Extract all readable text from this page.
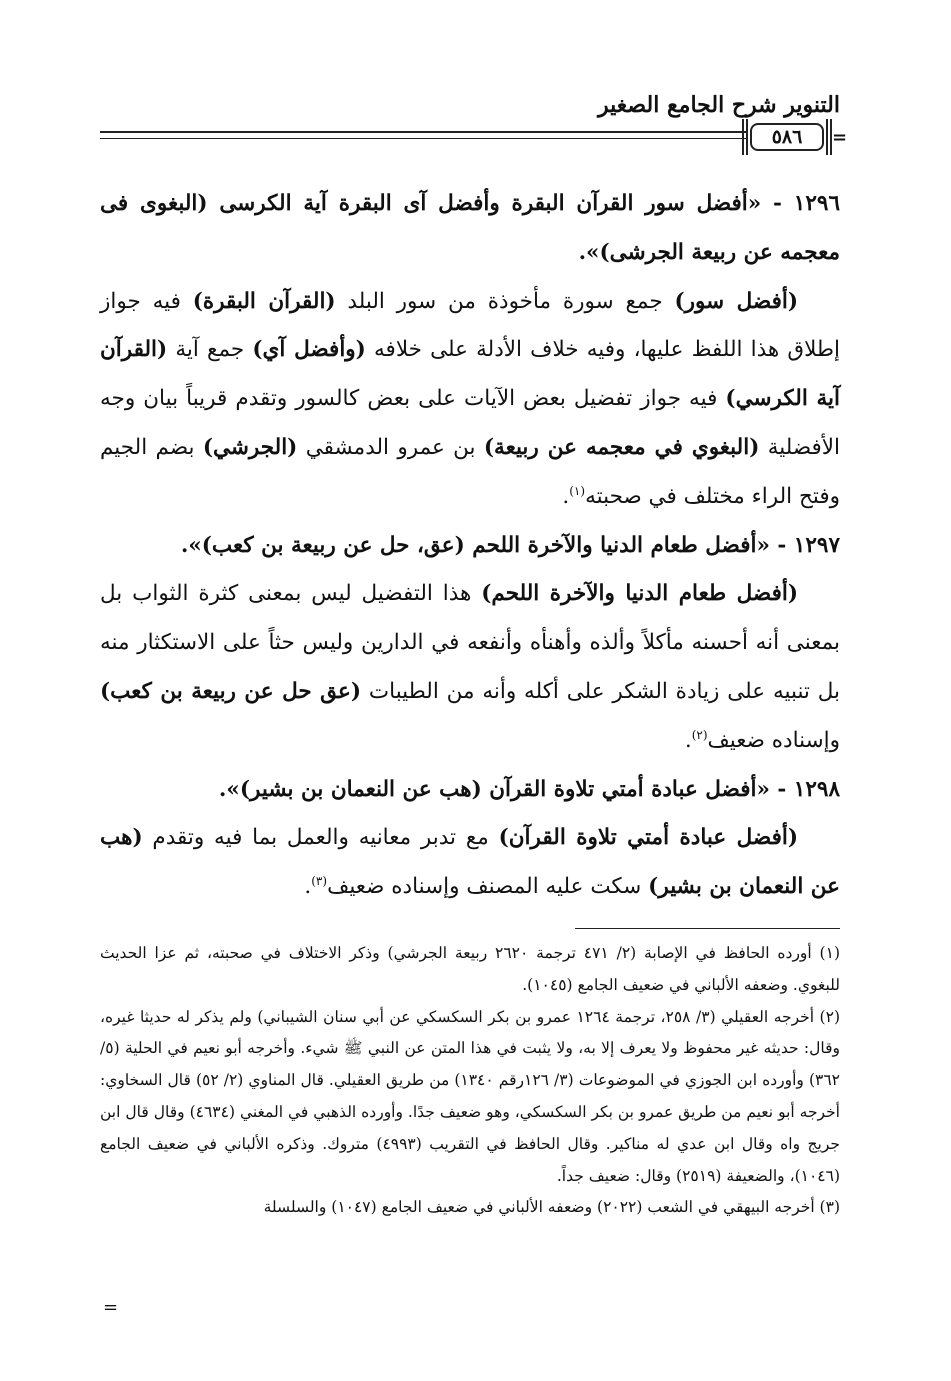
التنوير شرح الجامع الصغير
٥٨٦	=

١٢٩٦ - «أفضل سور القرآن البقرة وأفضل آى البقرة آية الكرسى (البغوى فى معجمه عن ربيعة الجرشى)».

(أفضل سور) جمع سورة مأخوذة من سور البلد (القرآن البقرة) فيه جواز إطلاق هذا اللفظ عليها، وفيه خلاف الأدلة على خلافه (وأفضل آي) جمع آية (القرآن آية الكرسي) فيه جواز تفضيل بعض الآيات على بعض كالسور وتقدم قريباً بيان وجه الأفضلية (البغوي في معجمه عن ربيعة) بن عمرو الدمشقي (الجرشي) بضم الجيم وفتح الراء مختلف في صحبته$^{(١)}$.

١٢٩٧ - «أفضل طعام الدنيا والآخرة اللحم (عق، حل عن ربيعة بن كعب)».

(أفضل طعام الدنيا والآخرة اللحم) هذا التفضيل ليس بمعنى كثرة الثواب بل بمعنى أنه أحسنه مأكلاً وألذه وأهنأه وأنفعه في الدارين وليس حثاً على الاستكثار منه بل تنبيه على زيادة الشكر على أكله وأنه من الطيبات (عق حل عن ربيعة بن كعب) وإسناده ضعيف$^{(٢)}$.

١٢٩٨ - «أفضل عبادة أمتي تلاوة القرآن (هب عن النعمان بن بشير)».

(أفضل عبادة أمتي تلاوة القرآن) مع تدبر معانيه والعمل بما فيه وتقدم (هب عن النعمان بن بشير) سكت عليه المصنف وإسناده ضعيف$^{(٣)}$.

(١) أورده الحافظ في الإصابة (٢/ ٤٧١ ترجمة ٢٦٢٠ ربيعة الجرشي) وذكر الاختلاف في صحبته، ثم عزا الحديث للبغوي. وضعفه الألباني في ضعيف الجامع (١٠٤٥).

(٢) أخرجه العقيلي (٣/ ٢٥٨، ترجمة ١٢٦٤ عمرو بن بكر السكسكي عن أبي سنان الشيباني) ولم يذكر له حديثا غيره، وقال: حديثه غير محفوظ ولا يعرف إلا به، ولا يثبت في هذا المتن عن النبي ﷺ شيء. وأخرجه أبو نعيم في الحلية (٥/ ٣٦٢) وأورده ابن الجوزي في الموضوعات (٣/ ١٢٦رقم ١٣٤٠) من طريق العقيلي. قال المناوي (٢/ ٥٢) قال السخاوي: أخرجه أبو نعيم من طريق عمرو بن بكر السكسكي، وهو ضعيف جدًا. وأورده الذهبي في المغني (٤٦٣٤) وقال قال ابن جريج واه وقال ابن عدي له مناكير. وقال الحافظ في التقريب (٤٩٩٣) متروك. وذكره الألباني في ضعيف الجامع (١٠٤٦)، والضعيفة (٢٥١٩) وقال: ضعيف جداً.

(٣) أخرجه البيهقي في الشعب (٢٠٢٢) وضعفه الألباني في ضعيف الجامع (١٠٤٧) والسلسلة

=
